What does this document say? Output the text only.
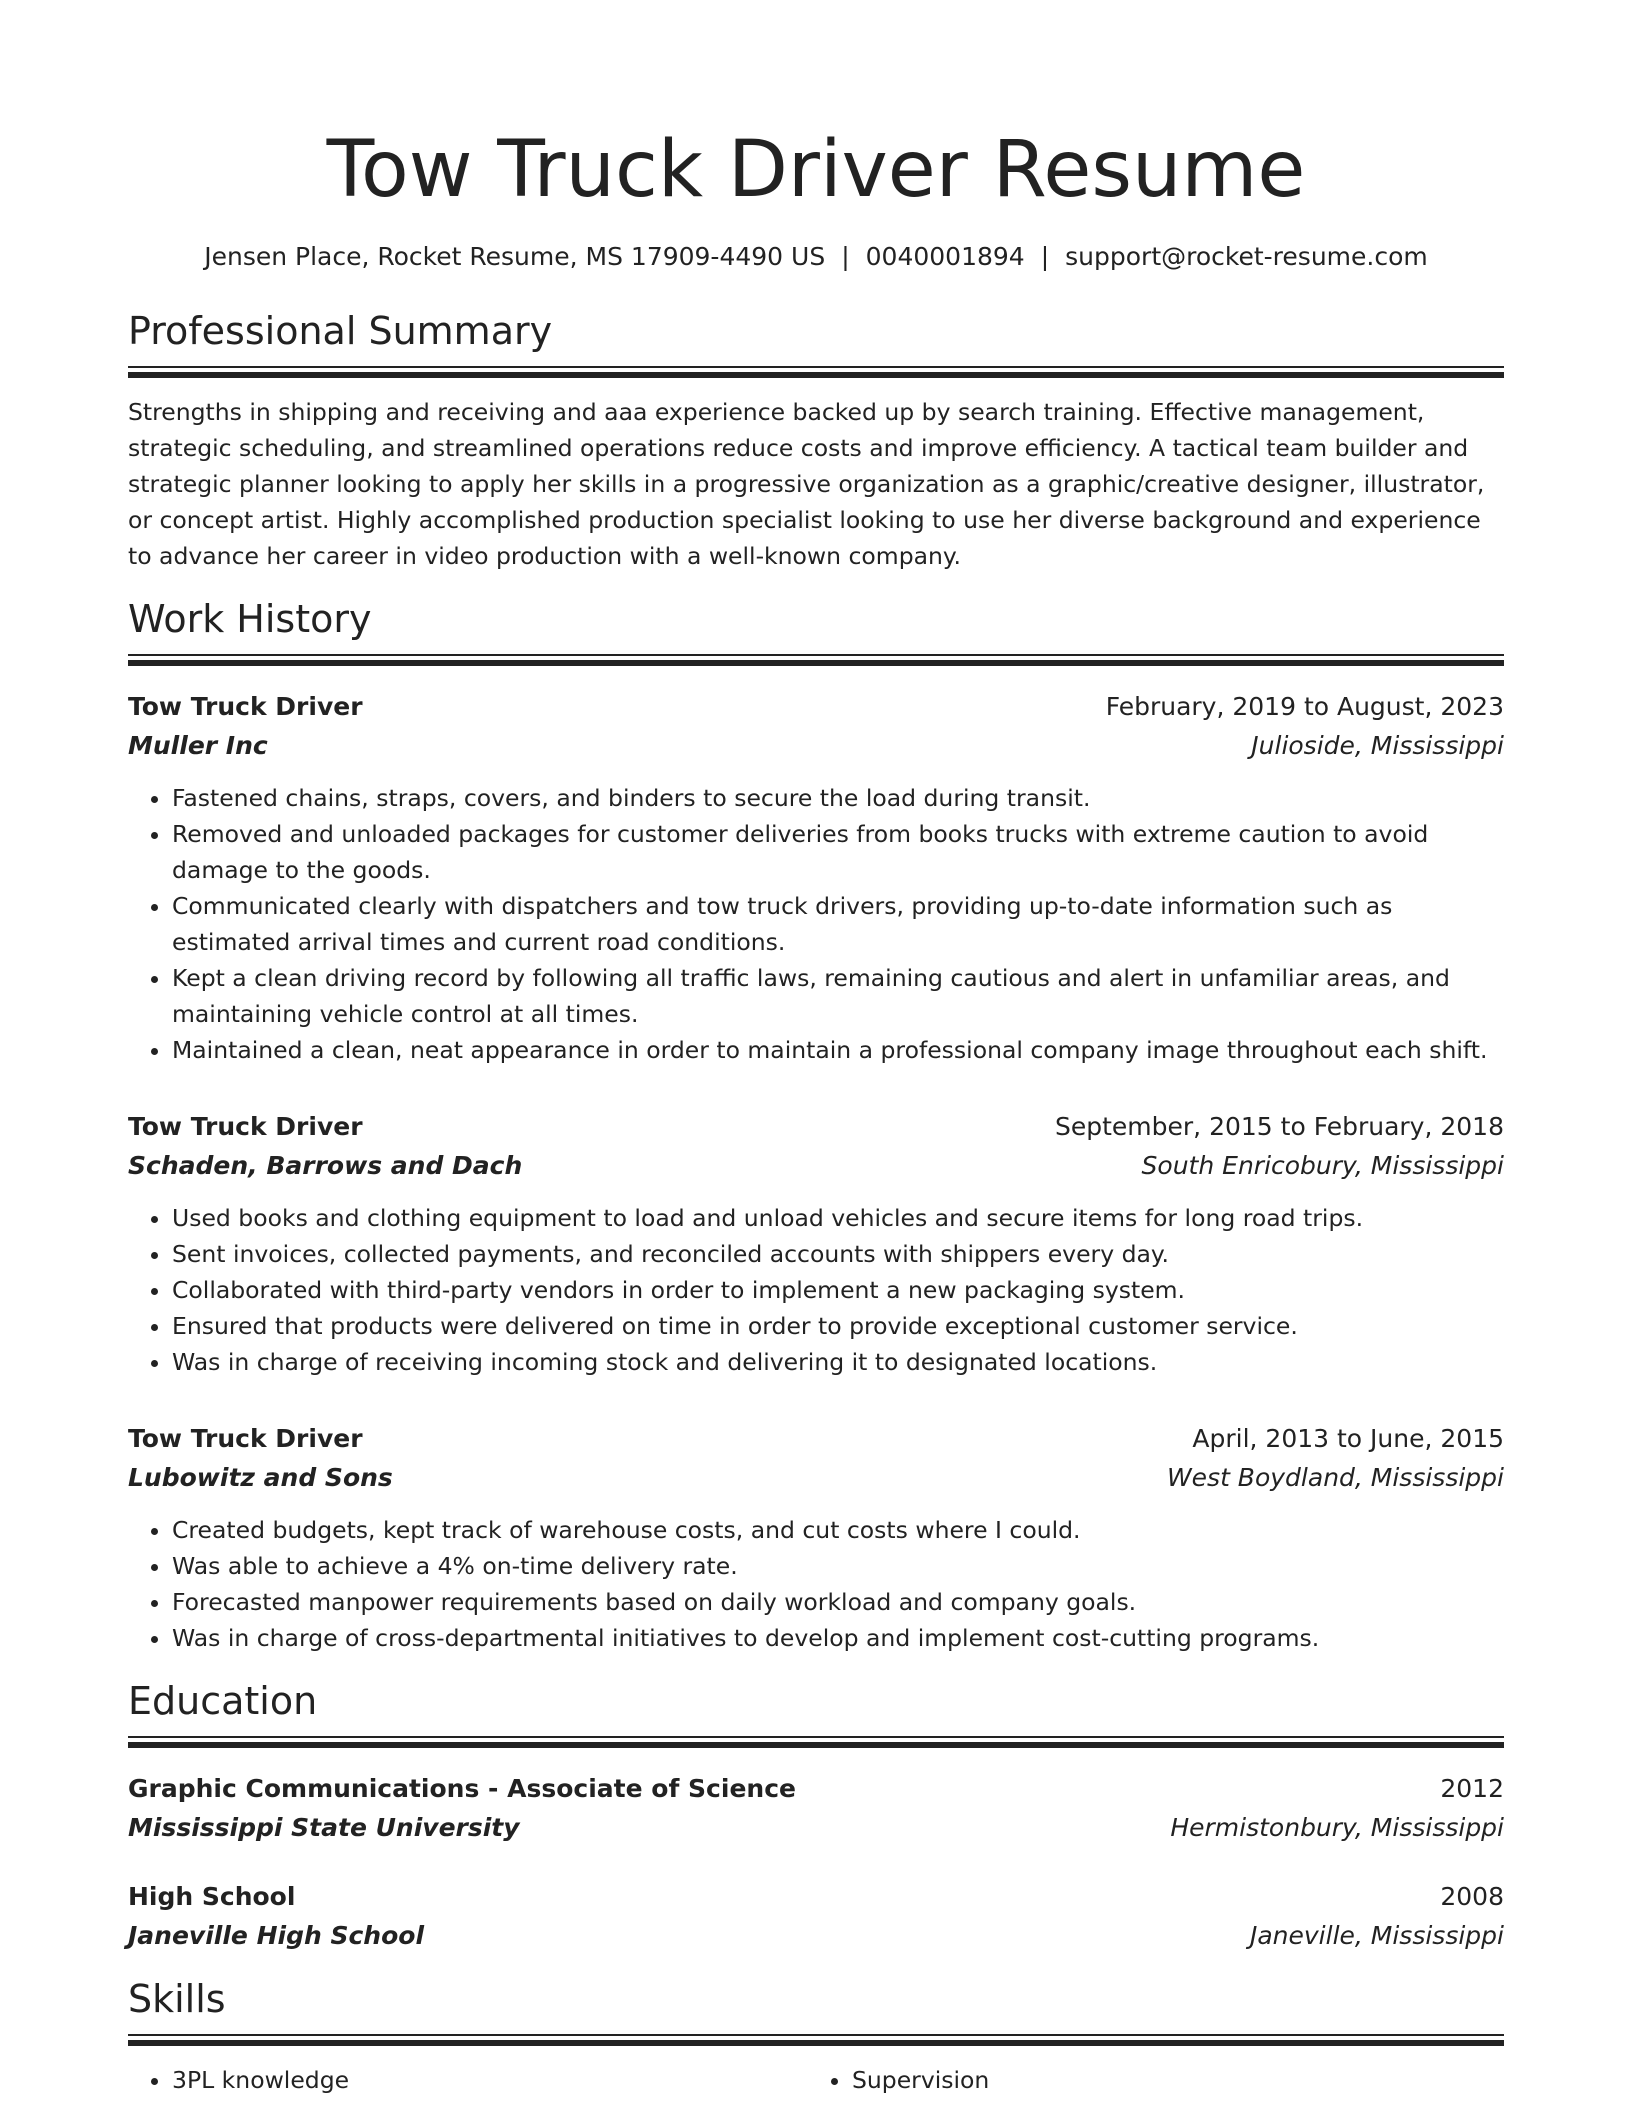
Tow Truck Driver Resume
Jensen Place, Rocket Resume, MS 17909-4490 US | 0040001894 | support@rocket-resume.com
Professional Summary
Strengths in shipping and receiving and aaa experience backed up by search training. Effective management, strategic scheduling, and streamlined operations reduce costs and improve efficiency. A tactical team builder and strategic planner looking to apply her skills in a progressive organization as a graphic/creative designer, illustrator, or concept artist. Highly accomplished production specialist looking to use her diverse background and experience to advance her career in video production with a well-known company.
Work History
Tow Truck Driver	February, 2019 to August, 2023
Muller Inc	Julioside, Mississippi
• Fastened chains, straps, covers, and binders to secure the load during transit.
• Removed and unloaded packages for customer deliveries from books trucks with extreme caution to avoid damage to the goods.
• Communicated clearly with dispatchers and tow truck drivers, providing up-to-date information such as estimated arrival times and current road conditions.
• Kept a clean driving record by following all traffic laws, remaining cautious and alert in unfamiliar areas, and maintaining vehicle control at all times.
• Maintained a clean, neat appearance in order to maintain a professional company image throughout each shift.
Tow Truck Driver	September, 2015 to February, 2018
Schaden, Barrows and Dach	South Enricobury, Mississippi
• Used books and clothing equipment to load and unload vehicles and secure items for long road trips.
• Sent invoices, collected payments, and reconciled accounts with shippers every day.
• Collaborated with third-party vendors in order to implement a new packaging system.
• Ensured that products were delivered on time in order to provide exceptional customer service.
• Was in charge of receiving incoming stock and delivering it to designated locations.
Tow Truck Driver	April, 2013 to June, 2015
Lubowitz and Sons	West Boydland, Mississippi
• Created budgets, kept track of warehouse costs, and cut costs where I could.
• Was able to achieve a 4% on-time delivery rate.
• Forecasted manpower requirements based on daily workload and company goals.
• Was in charge of cross-departmental initiatives to develop and implement cost-cutting programs.
Education
Graphic Communications - Associate of Science	2012
Mississippi State University	Hermistonbury, Mississippi
High School	2008
Janeville High School	Janeville, Mississippi
Skills
• 3PL knowledge
•	Supervision
